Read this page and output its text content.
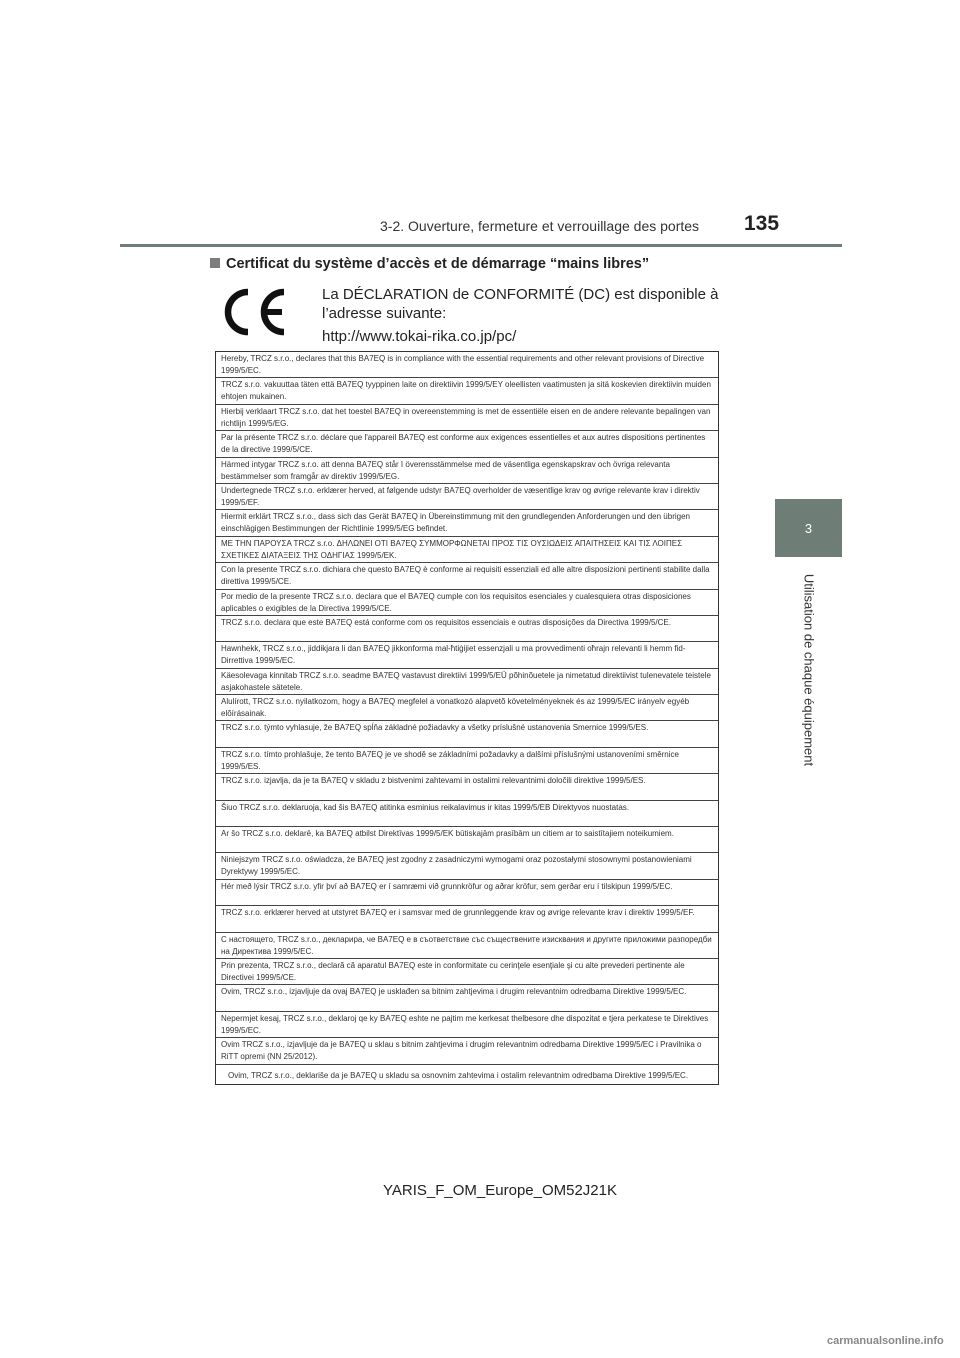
135
3-2. Ouverture, fermeture et verrouillage des portes
3
Utilisation de chaque équipement
Certificat du système d’accès et de démarrage “mains libres”
La DÉCLARATION de CONFORMITÉ (DC) est disponible à l’adresse suivante:
http://www.tokai-rika.co.jp/pc/
Hereby, TRCZ s.r.o., declares that this BA7EQ is in compliance with the essential requirements and other relevant provisions of Directive 1999/5/EC.
TRCZ s.r.o. vakuuttaa täten että BA7EQ tyyppinen laite on direktiivin 1999/5/EY oleellisten vaatimusten ja sitä koskevien direktiivin muiden ehtojen mukainen.
Hierbij verklaart TRCZ s.r.o. dat het toestel BA7EQ in overeenstemming is met de essentiële eisen en de andere relevante bepalingen van richtlijn 1999/5/EG.
Par la présente TRCZ s.r.o. déclare que l'appareil BA7EQ est conforme aux exigences essentielles et aux autres dispositions pertinentes de la directive 1999/5/CE.
Härmed intygar TRCZ s.r.o. att denna BA7EQ står I överensstämmelse med de väsentliga egenskapskrav och övriga relevanta bestämmelser som framgår av direktiv 1999/5/EG.
Undertegnede TRCZ s.r.o. erklærer herved, at følgende udstyr BA7EQ overholder de væsentlige krav og øvrige relevante krav i direktiv 1999/5/EF.
Hiermit erklärt TRCZ s.r.o., dass sich das Gerät BA7EQ in Übereinstimmung mit den grundlegenden Anforderungen und den übrigen einschlägigen Bestimmungen der Richtlinie 1999/5/EG befindet.
ΜΕ ΤΗΝ ΠΑΡΟΥΣΑ TRCZ s.r.o. ΔΗΛΩΝΕΙ ΟΤΙ BA7EQ ΣΥΜΜΟΡΦΩΝΕΤΑΙ ΠΡΟΣ ΤΙΣ ΟΥΣΙΩΔΕΙΣ ΑΠΑΙΤΗΣΕΙΣ ΚΑΙ ΤΙΣ ΛΟΙΠΕΣ ΣΧΕΤΙΚΕΣ ΔΙΑΤΑΞΕΙΣ ΤΗΣ ΟΔΗΓΙΑΣ 1999/5/ΕΚ.
Con la presente TRCZ s.r.o. dichiara che questo BA7EQ è conforme ai requisiti essenziali ed alle altre disposizioni pertinenti stabilite dalla direttiva 1999/5/CE.
Por medio de la presente TRCZ s.r.o. declara que el BA7EQ cumple con los requisitos esenciales y cualesquiera otras disposiciones aplicables o exigibles de la Directiva 1999/5/CE.
TRCZ s.r.o. declara que este BA7EQ está conforme com os requisitos essenciais e outras disposições da Directiva 1999/5/CE.
Hawnhekk, TRCZ s.r.o., jiddikjara li dan BA7EQ jikkonforma mal-ħtiġijiet essenzjali u ma provvedimenti oħrajn relevanti li hemm fid-Dirrettiva 1999/5/EC.
Käesolevaga kinnitab TRCZ s.r.o. seadme BA7EQ vastavust direktiivi 1999/5/EÜ põhinõuetele ja nimetatud direktiivist tulenevatele teistele asjakohastele sätetele.
Alulírott, TRCZ s.r.o. nyilatkozom, hogy a BA7EQ megfelel a vonatkozó alapvetõ követelményeknek és az 1999/5/EC irányelv egyéb elõírásainak.
TRCZ s.r.o. týmto vyhlasuje, že BA7EQ spĺňa základné požiadavky a všetky príslušné ustanovenia Smernice 1999/5/ES.
TRCZ s.r.o. tímto prohlašuje, že tento BA7EQ je ve shodě se základními požadavky a dalšími příslušnými ustanoveními směrnice 1999/5/ES.
TRCZ s.r.o. izjavlja, da je ta BA7EQ v skladu z bistvenimi zahtevami in ostalimi relevantnimi določili direktive 1999/5/ES.
Šiuo TRCZ s.r.o. deklaruoja, kad šis BA7EQ atitinka esminius reikalavimus ir kitas 1999/5/EB Direktyvos nuostatas.
Ar šo TRCZ s.r.o. deklarē, ka BA7EQ atbilst Direktīvas 1999/5/EK būtiskajām prasībām un citiem ar to saistītajiem noteikumiem.
Niniejszym TRCZ s.r.o. oświadcza, że BA7EQ jest zgodny z zasadniczymi wymogami oraz pozostałymi stosownymi postanowieniami Dyrektywy 1999/5/EC.
Hér með lýsir TRCZ s.r.o. yfir því að BA7EQ er í samræmi við grunnkröfur og aðrar kröfur, sem gerðar eru í tilskipun 1999/5/EC.
TRCZ s.r.o. erklærer herved at utstyret BA7EQ er i samsvar med de grunnleggende krav og øvrige relevante krav i direktiv 1999/5/EF.
С настоящето, TRCZ s.r.o., декларира, че BA7EQ е в съответствие със съществените изисквания и другите приложими разпоредби на Директива 1999/5/ЕС.
Prin prezenta, TRCZ s.r.o., declară că aparatul BA7EQ este in conformitate cu cerinţele esenţiale şi cu alte prevederi pertinente ale Directivei 1999/5/CE.
Ovim, TRCZ s.r.o., izjavljuje da ovaj BA7EQ je usklađen sa bitnim zahtjevima i drugim relevantnim odredbama Direktive 1999/5/EC.
Nepermjet kesaj, TRCZ s.r.o., deklaroj qe ky BA7EQ eshte ne pajtim me kerkesat thelbesore dhe dispozitat e tjera perkatese te Direktives 1999/5/EC.
Ovim TRCZ s.r.o., izjavljuje da je BA7EQ u sklau s bitnim zahtjevima i drugim relevantnim odredbama Direktive 1999/5/EC i Pravilnika o RiTT opremi (NN 25/2012).
Ovim, TRCZ s.r.o., deklariše da je BA7EQ u skladu sa osnovnim zahtevima i ostalim relevantnim odredbama Direktive 1999/5/EC.
YARIS_F_OM_Europe_OM52J21K
carmanualsonline.info
